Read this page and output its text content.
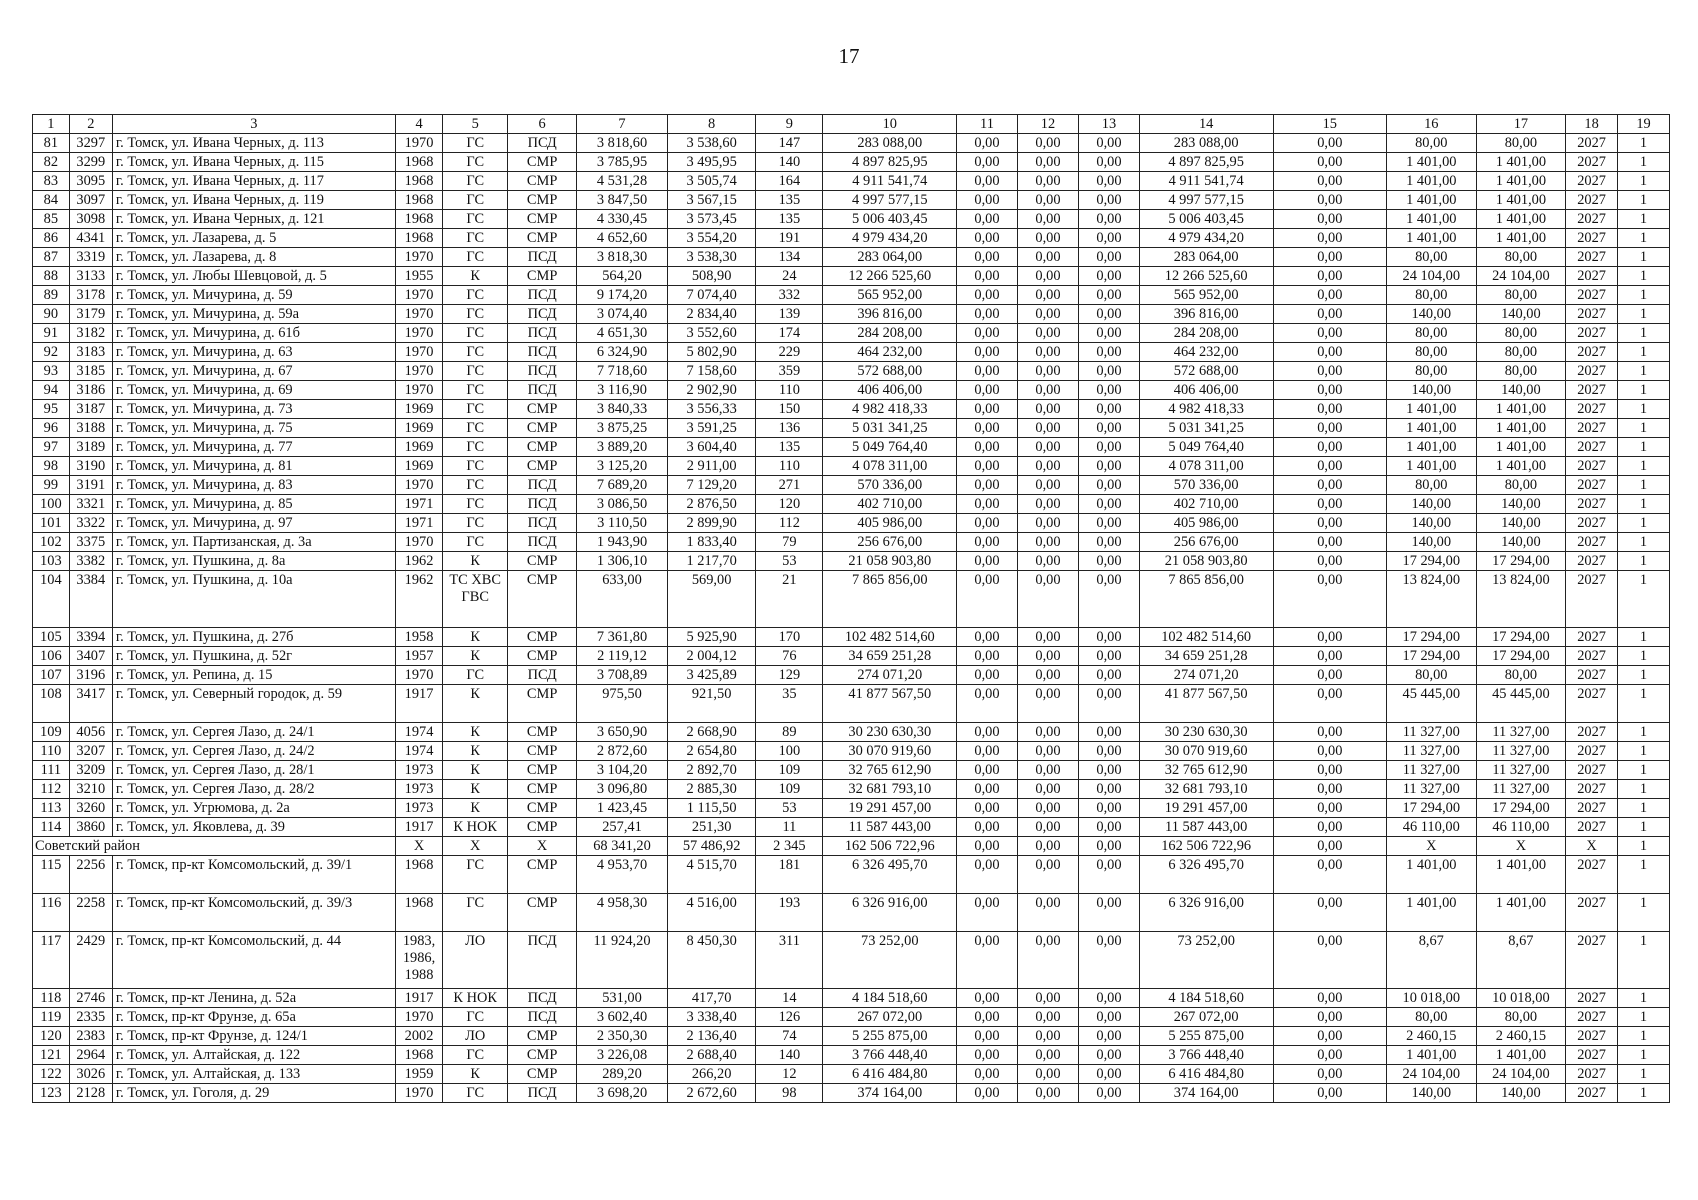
17
1	2	3	4	5	6	7	8	9	10	11	12	13	14	15	16	17	18	19
81	3297	г. Томск, ул. Ивана Черных, д. 113	1970	ГС	ПСД	3 818,60	3 538,60	147	283 088,00	0,00	0,00	0,00	283 088,00	0,00	80,00	80,00	2027	1
82	3299	г. Томск, ул. Ивана Черных, д. 115	1968	ГС	СМР	3 785,95	3 495,95	140	4 897 825,95	0,00	0,00	0,00	4 897 825,95	0,00	1 401,00	1 401,00	2027	1
83	3095	г. Томск, ул. Ивана Черных, д. 117	1968	ГС	СМР	4 531,28	3 505,74	164	4 911 541,74	0,00	0,00	0,00	4 911 541,74	0,00	1 401,00	1 401,00	2027	1
84	3097	г. Томск, ул. Ивана Черных, д. 119	1968	ГС	СМР	3 847,50	3 567,15	135	4 997 577,15	0,00	0,00	0,00	4 997 577,15	0,00	1 401,00	1 401,00	2027	1
85	3098	г. Томск, ул. Ивана Черных, д. 121	1968	ГС	СМР	4 330,45	3 573,45	135	5 006 403,45	0,00	0,00	0,00	5 006 403,45	0,00	1 401,00	1 401,00	2027	1
86	4341	г. Томск, ул. Лазарева, д. 5	1968	ГС	СМР	4 652,60	3 554,20	191	4 979 434,20	0,00	0,00	0,00	4 979 434,20	0,00	1 401,00	1 401,00	2027	1
87	3319	г. Томск, ул. Лазарева, д. 8	1970	ГС	ПСД	3 818,30	3 538,30	134	283 064,00	0,00	0,00	0,00	283 064,00	0,00	80,00	80,00	2027	1
88	3133	г. Томск, ул. Любы Шевцовой, д. 5	1955	К	СМР	564,20	508,90	24	12 266 525,60	0,00	0,00	0,00	12 266 525,60	0,00	24 104,00	24 104,00	2027	1
89	3178	г. Томск, ул. Мичурина, д. 59	1970	ГС	ПСД	9 174,20	7 074,40	332	565 952,00	0,00	0,00	0,00	565 952,00	0,00	80,00	80,00	2027	1
90	3179	г. Томск, ул. Мичурина, д. 59а	1970	ГС	ПСД	3 074,40	2 834,40	139	396 816,00	0,00	0,00	0,00	396 816,00	0,00	140,00	140,00	2027	1
91	3182	г. Томск, ул. Мичурина, д. 61б	1970	ГС	ПСД	4 651,30	3 552,60	174	284 208,00	0,00	0,00	0,00	284 208,00	0,00	80,00	80,00	2027	1
92	3183	г. Томск, ул. Мичурина, д. 63	1970	ГС	ПСД	6 324,90	5 802,90	229	464 232,00	0,00	0,00	0,00	464 232,00	0,00	80,00	80,00	2027	1
93	3185	г. Томск, ул. Мичурина, д. 67	1970	ГС	ПСД	7 718,60	7 158,60	359	572 688,00	0,00	0,00	0,00	572 688,00	0,00	80,00	80,00	2027	1
94	3186	г. Томск, ул. Мичурина, д. 69	1970	ГС	ПСД	3 116,90	2 902,90	110	406 406,00	0,00	0,00	0,00	406 406,00	0,00	140,00	140,00	2027	1
95	3187	г. Томск, ул. Мичурина, д. 73	1969	ГС	СМР	3 840,33	3 556,33	150	4 982 418,33	0,00	0,00	0,00	4 982 418,33	0,00	1 401,00	1 401,00	2027	1
96	3188	г. Томск, ул. Мичурина, д. 75	1969	ГС	СМР	3 875,25	3 591,25	136	5 031 341,25	0,00	0,00	0,00	5 031 341,25	0,00	1 401,00	1 401,00	2027	1
97	3189	г. Томск, ул. Мичурина, д. 77	1969	ГС	СМР	3 889,20	3 604,40	135	5 049 764,40	0,00	0,00	0,00	5 049 764,40	0,00	1 401,00	1 401,00	2027	1
98	3190	г. Томск, ул. Мичурина, д. 81	1969	ГС	СМР	3 125,20	2 911,00	110	4 078 311,00	0,00	0,00	0,00	4 078 311,00	0,00	1 401,00	1 401,00	2027	1
99	3191	г. Томск, ул. Мичурина, д. 83	1970	ГС	ПСД	7 689,20	7 129,20	271	570 336,00	0,00	0,00	0,00	570 336,00	0,00	80,00	80,00	2027	1
100	3321	г. Томск, ул. Мичурина, д. 85	1971	ГС	ПСД	3 086,50	2 876,50	120	402 710,00	0,00	0,00	0,00	402 710,00	0,00	140,00	140,00	2027	1
101	3322	г. Томск, ул. Мичурина, д. 97	1971	ГС	ПСД	3 110,50	2 899,90	112	405 986,00	0,00	0,00	0,00	405 986,00	0,00	140,00	140,00	2027	1
102	3375	г. Томск, ул. Партизанская, д. 3а	1970	ГС	ПСД	1 943,90	1 833,40	79	256 676,00	0,00	0,00	0,00	256 676,00	0,00	140,00	140,00	2027	1
103	3382	г. Томск, ул. Пушкина, д. 8а	1962	К	СМР	1 306,10	1 217,70	53	21 058 903,80	0,00	0,00	0,00	21 058 903,80	0,00	17 294,00	17 294,00	2027	1
104	3384	г. Томск, ул. Пушкина, д. 10а	1962	ТС ХВС ГВС	СМР	633,00	569,00	21	7 865 856,00	0,00	0,00	0,00	7 865 856,00	0,00	13 824,00	13 824,00	2027	1
105	3394	г. Томск, ул. Пушкина, д. 27б	1958	К	СМР	7 361,80	5 925,90	170	102 482 514,60	0,00	0,00	0,00	102 482 514,60	0,00	17 294,00	17 294,00	2027	1
106	3407	г. Томск, ул. Пушкина, д. 52г	1957	К	СМР	2 119,12	2 004,12	76	34 659 251,28	0,00	0,00	0,00	34 659 251,28	0,00	17 294,00	17 294,00	2027	1
107	3196	г. Томск, ул. Репина, д. 15	1970	ГС	ПСД	3 708,89	3 425,89	129	274 071,20	0,00	0,00	0,00	274 071,20	0,00	80,00	80,00	2027	1
108	3417	г. Томск, ул. Северный городок, д. 59	1917	К	СМР	975,50	921,50	35	41 877 567,50	0,00	0,00	0,00	41 877 567,50	0,00	45 445,00	45 445,00	2027	1
109	4056	г. Томск, ул. Сергея Лазо, д. 24/1	1974	К	СМР	3 650,90	2 668,90	89	30 230 630,30	0,00	0,00	0,00	30 230 630,30	0,00	11 327,00	11 327,00	2027	1
110	3207	г. Томск, ул. Сергея Лазо, д. 24/2	1974	К	СМР	2 872,60	2 654,80	100	30 070 919,60	0,00	0,00	0,00	30 070 919,60	0,00	11 327,00	11 327,00	2027	1
111	3209	г. Томск, ул. Сергея Лазо, д. 28/1	1973	К	СМР	3 104,20	2 892,70	109	32 765 612,90	0,00	0,00	0,00	32 765 612,90	0,00	11 327,00	11 327,00	2027	1
112	3210	г. Томск, ул. Сергея Лазо, д. 28/2	1973	К	СМР	3 096,80	2 885,30	109	32 681 793,10	0,00	0,00	0,00	32 681 793,10	0,00	11 327,00	11 327,00	2027	1
113	3260	г. Томск, ул. Угрюмова, д. 2а	1973	К	СМР	1 423,45	1 115,50	53	19 291 457,00	0,00	0,00	0,00	19 291 457,00	0,00	17 294,00	17 294,00	2027	1
114	3860	г. Томск, ул. Яковлева, д. 39	1917	К НОК	СМР	257,41	251,30	11	11 587 443,00	0,00	0,00	0,00	11 587 443,00	0,00	46 110,00	46 110,00	2027	1
Советский район			Х	Х	Х	68 341,20	57 486,92	2 345	162 506 722,96	0,00	0,00	0,00	162 506 722,96	0,00	Х	Х	Х	1
115	2256	г. Томск, пр-кт Комсомольский, д. 39/1	1968	ГС	СМР	4 953,70	4 515,70	181	6 326 495,70	0,00	0,00	0,00	6 326 495,70	0,00	1 401,00	1 401,00	2027	1
116	2258	г. Томск, пр-кт Комсомольский, д. 39/3	1968	ГС	СМР	4 958,30	4 516,00	193	6 326 916,00	0,00	0,00	0,00	6 326 916,00	0,00	1 401,00	1 401,00	2027	1
117	2429	г. Томск, пр-кт Комсомольский, д. 44	1983, 1986, 1988	ЛО	ПСД	11 924,20	8 450,30	311	73 252,00	0,00	0,00	0,00	73 252,00	0,00	8,67	8,67	2027	1
118	2746	г. Томск, пр-кт Ленина, д. 52а	1917	К НОК	ПСД	531,00	417,70	14	4 184 518,60	0,00	0,00	0,00	4 184 518,60	0,00	10 018,00	10 018,00	2027	1
119	2335	г. Томск, пр-кт Фрунзе, д. 65а	1970	ГС	ПСД	3 602,40	3 338,40	126	267 072,00	0,00	0,00	0,00	267 072,00	0,00	80,00	80,00	2027	1
120	2383	г. Томск, пр-кт Фрунзе, д. 124/1	2002	ЛО	СМР	2 350,30	2 136,40	74	5 255 875,00	0,00	0,00	0,00	5 255 875,00	0,00	2 460,15	2 460,15	2027	1
121	2964	г. Томск, ул. Алтайская, д. 122	1968	ГС	СМР	3 226,08	2 688,40	140	3 766 448,40	0,00	0,00	0,00	3 766 448,40	0,00	1 401,00	1 401,00	2027	1
122	3026	г. Томск, ул. Алтайская, д. 133	1959	К	СМР	289,20	266,20	12	6 416 484,80	0,00	0,00	0,00	6 416 484,80	0,00	24 104,00	24 104,00	2027	1
123	2128	г. Томск, ул. Гоголя, д. 29	1970	ГС	ПСД	3 698,20	2 672,60	98	374 164,00	0,00	0,00	0,00	374 164,00	0,00	140,00	140,00	2027	1
